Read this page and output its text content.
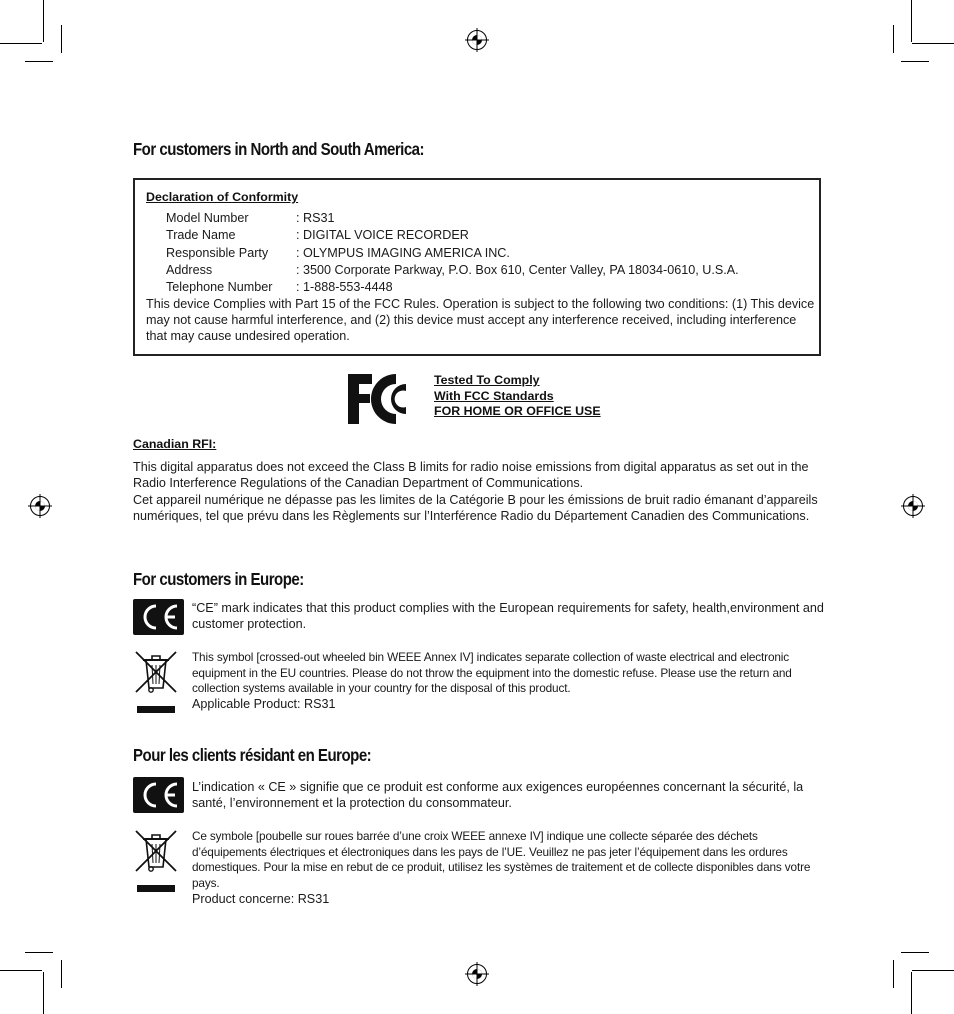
For customers in North and South America:
Declaration of Conformity
Model Number	: RS31
Trade Name	: DIGITAL VOICE RECORDER
Responsible Party : OLYMPUS IMAGING AMERICA INC.
Address	: 3500 Corporate Parkway, P.O. Box 610, Center Valley, PA 18034-0610, U.S.A.
Telephone Number : 1-888-553-4448
This device Complies with Part 15 of the FCC Rules. Operation is subject to the following two conditions: (1) This device may not cause harmful interference, and (2) this device must accept any interference received, including interference that may cause undesired operation.
Tested To Comply
With FCC Standards
FOR HOME OR OFFICE USE
Canadian RFI:
This digital apparatus does not exceed the Class B limits for radio noise emissions from digital apparatus as set out in the Radio Interference Regulations of the Canadian Department of Communications.
Cet appareil numérique ne dépasse pas les limites de la Catégorie B pour les émissions de bruit radio émanant d’appareils numériques, tel que prévu dans les Règlements sur l’Interférence Radio du Département Canadien des Communications.
For customers in Europe:
“CE” mark indicates that this product complies with the European requirements for safety, health,environment and customer protection.
This symbol [crossed-out wheeled bin WEEE Annex IV] indicates separate collection of waste electrical and electronic equipment in the EU countries. Please do not throw the equipment into the domestic refuse. Please use the return and collection systems available in your country for the disposal of this product.
Applicable Product: RS31
Pour les clients résidant en Europe:
L’indication « CE » signifie que ce produit est conforme aux exigences européennes concernant la sécurité, la santé, l’environnement et la protection du consommateur.
Ce symbole [poubelle sur roues barrée d’une croix WEEE annexe IV] indique une collecte séparée des déchets d’équipements électriques et électroniques dans les pays de l’UE. Veuillez ne pas jeter l’équipement dans les ordures domestiques. Pour la mise en rebut de ce produit, utilisez les systèmes de traitement et de collecte disponibles dans votre pays.
Product concerne: RS31
